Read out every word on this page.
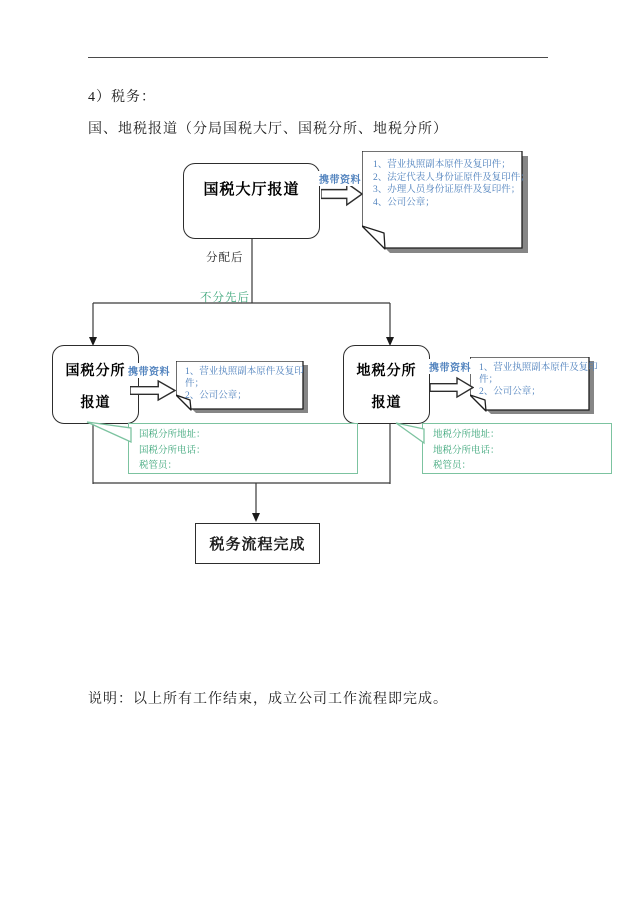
4）税务：
国、地税报道（分局国税大厅、国税分所、地税分所）
国税大厅报道 携带资料
1、营业执照副本原件及复印件；
2、法定代表人身份证原件及复印件；
3、办理人员身份证原件及复印件；
4、公司公章；
分配后
不分先后
国税分所
报道
地税分所
报道
携带资料 1、营业执照副本原件及复印件；
2、公司公章；
携带资料 1、营业执照副本原件及复印件；
2、公司公章；
国税分所地址：
国税分所电话：
税管员：
地税分所地址：
地税分所电话：
税管员：
税务流程完成
说明：以上所有工作结束，成立公司工作流程即完成。
